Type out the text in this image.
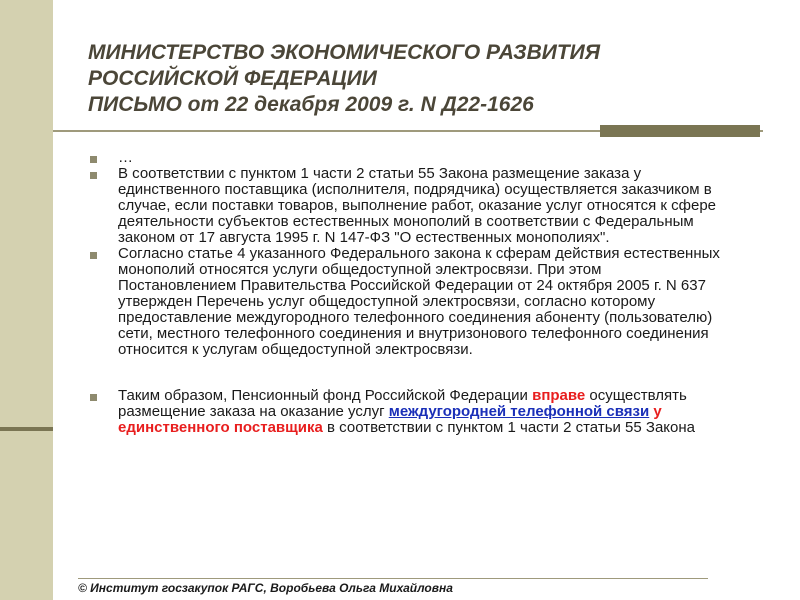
МИНИСТЕРСТВО ЭКОНОМИЧЕСКОГО РАЗВИТИЯ
РОССИЙСКОЙ ФЕДЕРАЦИИ
ПИСЬМО от 22 декабря 2009 г. N Д22-1626

…

В соответствии с пунктом 1 части 2 статьи 55 Закона размещение заказа у единственного поставщика (исполнителя, подрядчика) осуществляется заказчиком в случае, если поставки товаров, выполнение работ, оказание услуг относятся к сфере деятельности субъектов естественных монополий в соответствии с Федеральным законом от 17 августа 1995 г. N 147-ФЗ "О естественных монополиях".

Согласно статье 4 указанного Федерального закона к сферам действия естественных монополий относятся услуги общедоступной электросвязи. При этом Постановлением Правительства Российской Федерации от 24 октября 2005 г. N 637 утвержден Перечень услуг общедоступной электросвязи, согласно которому предоставление междугородного телефонного соединения абоненту (пользователю) сети, местного телефонного соединения и внутризонового телефонного соединения относится к услугам общедоступной электросвязи.

Таким образом, Пенсионный фонд Российской Федерации вправе осуществлять размещение заказа на оказание услуг междугородней телефонной связи у единственного поставщика в соответствии с пунктом 1 части 2 статьи 55 Закона

© Институт госзакупок РАГС, Воробьева Ольга Михайловна
